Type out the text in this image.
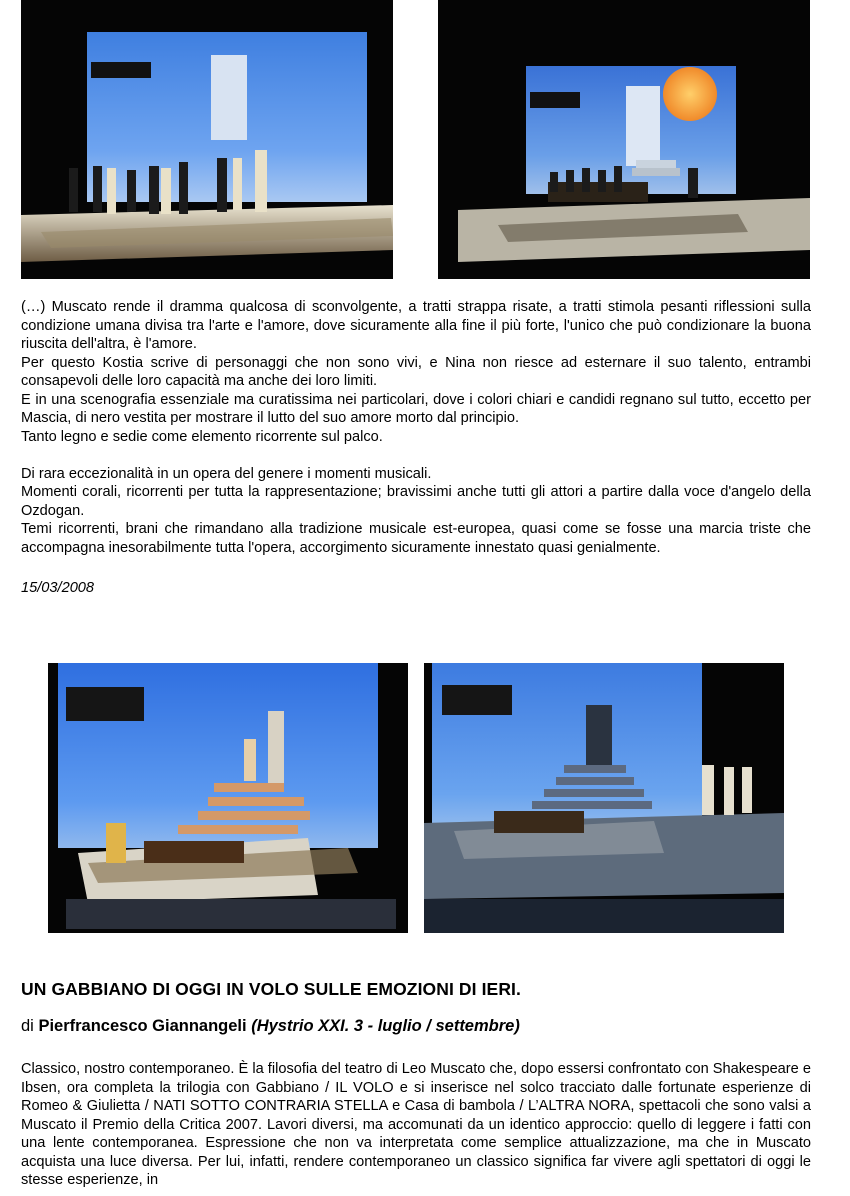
(…) Muscato rende il dramma qualcosa di sconvolgente, a tratti strappa risate, a tratti stimola pesanti riflessioni sulla condizione umana divisa tra l'arte e l'amore, dove sicuramente alla fine il più forte, l'unico che può condizionare la buona riuscita dell'altra, è l'amore.

Per questo Kostia scrive di personaggi che non sono vivi, e Nina non riesce ad esternare il suo talento, entrambi consapevoli delle loro capacità ma anche dei loro limiti.

E in una scenografia essenziale ma curatissima nei particolari, dove i colori chiari e candidi regnano sul tutto, eccetto per Mascia, di nero vestita per mostrare il lutto del suo amore morto dal principio.

Tanto legno e sedie come elemento ricorrente sul palco.

Di rara eccezionalità in un opera del genere i momenti musicali.

Momenti corali, ricorrenti per tutta la rappresentazione; bravissimi anche tutti gli attori a partire dalla voce d'angelo della Ozdogan.

Temi ricorrenti, brani che rimandano alla tradizione musicale est-europea, quasi come se fosse una marcia triste che accompagna inesorabilmente tutta l'opera, accorgimento sicuramente innestato quasi genialmente.

15/03/2008
UN GABBIANO DI OGGI IN VOLO SULLE EMOZIONI DI IERI.
di Pierfrancesco Giannangeli (Hystrio XXI. 3 - luglio / settembre)

Classico, nostro contemporaneo. È la filosofia del teatro di Leo Muscato che, dopo essersi confrontato con Shakespeare e Ibsen, ora completa la trilogia con Gabbiano / IL VOLO e si inserisce nel solco tracciato dalle fortunate esperienze di Romeo & Giulietta / NATI SOTTO CONTRARIA STELLA e Casa di bambola / L’ALTRA NORA, spettacoli che sono valsi a Muscato il Premio della Critica 2007. Lavori diversi, ma accomunati da un identico approccio: quello di leggere i fatti con una lente contemporanea. Espressione che non va interpretata come semplice attualizzazione, ma che in Muscato acquista una luce diversa. Per lui, infatti, rendere contemporaneo un classico significa far vivere agli spettatori di oggi le stesse esperienze, in
